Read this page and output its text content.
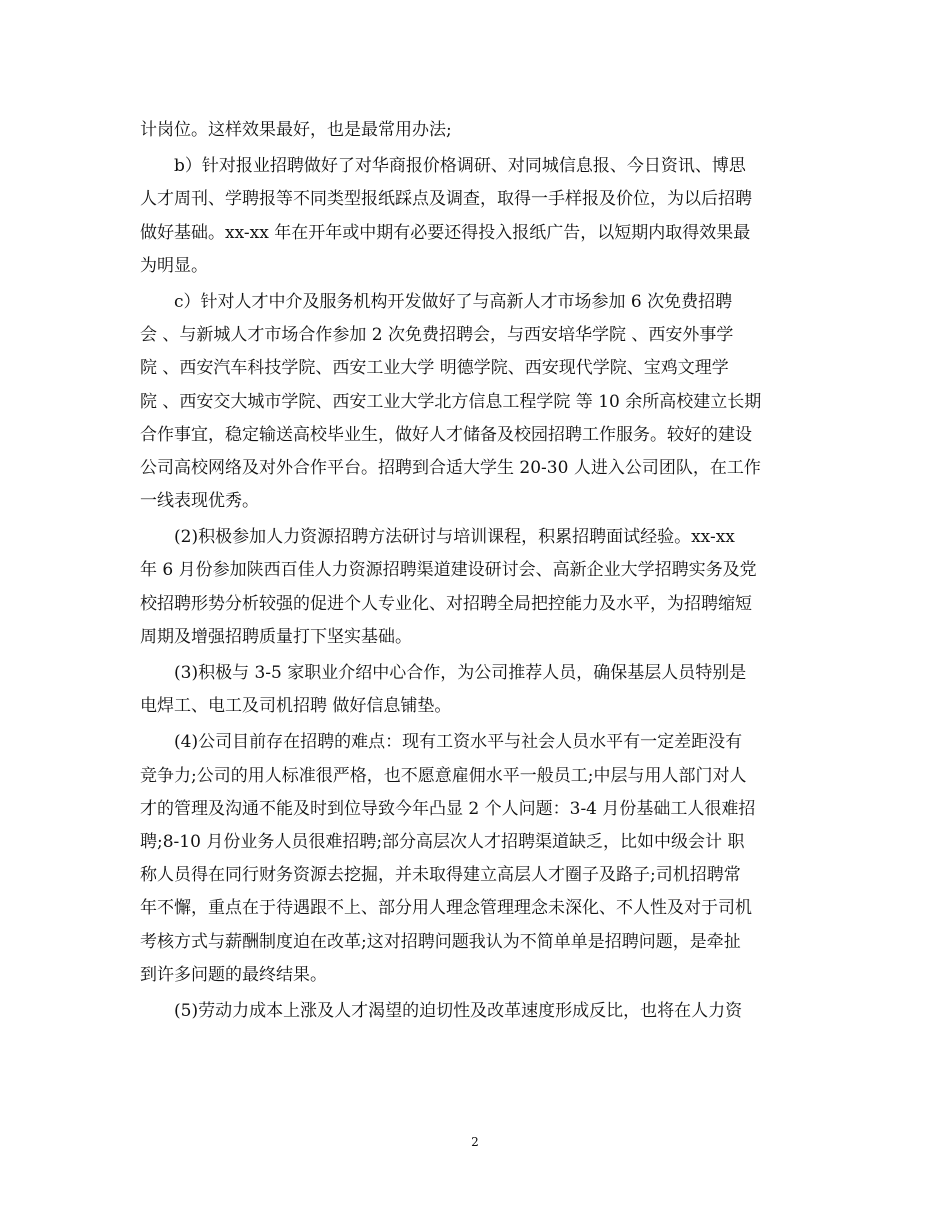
计岗位。这样效果最好，也是最常用办法;
b）针对报业招聘做好了对华商报价格调研、对同城信息报、今日资讯、博思
人才周刊、学聘报等不同类型报纸踩点及调查，取得一手样报及价位，为以后招聘
做好基础。xx-xx 年在开年或中期有必要还得投入报纸广告，以短期内取得效果最
为明显。
c）针对人才中介及服务机构开发做好了与高新人才市场参加 6 次免费招聘
会 、与新城人才市场合作参加 2 次免费招聘会，与西安培华学院 、西安外事学
院 、西安汽车科技学院、西安工业大学 明德学院、西安现代学院、宝鸡文理学
院 、西安交大城市学院、西安工业大学北方信息工程学院 等 10 余所高校建立长期
合作事宜，稳定输送高校毕业生，做好人才储备及校园招聘工作服务。较好的建设
公司高校网络及对外合作平台。招聘到合适大学生 20-30 人进入公司团队，在工作
一线表现优秀。
(2)积极参加人力资源招聘方法研讨与培训课程，积累招聘面试经验。xx-xx
年 6 月份参加陕西百佳人力资源招聘渠道建设研讨会、高新企业大学招聘实务及党
校招聘形势分析较强的促进个人专业化、对招聘全局把控能力及水平，为招聘缩短
周期及增强招聘质量打下坚实基础。
(3)积极与 3-5 家职业介绍中心合作，为公司推荐人员，确保基层人员特别是
电焊工、电工及司机招聘 做好信息铺垫。
(4)公司目前存在招聘的难点：现有工资水平与社会人员水平有一定差距没有
竞争力;公司的用人标准很严格，也不愿意雇佣水平一般员工;中层与用人部门对人
才的管理及沟通不能及时到位导致今年凸显 2 个人问题：3-4 月份基础工人很难招
聘;8-10 月份业务人员很难招聘;部分高层次人才招聘渠道缺乏，比如中级会计 职
称人员得在同行财务资源去挖掘，并未取得建立高层人才圈子及路子;司机招聘常
年不懈，重点在于待遇跟不上、部分用人理念管理理念未深化、不人性及对于司机
考核方式与薪酬制度迫在改革;这对招聘问题我认为不简单单是招聘问题，是牵扯
到许多问题的最终结果。
(5)劳动力成本上涨及人才渴望的迫切性及改革速度形成反比，也将在人力资
2
